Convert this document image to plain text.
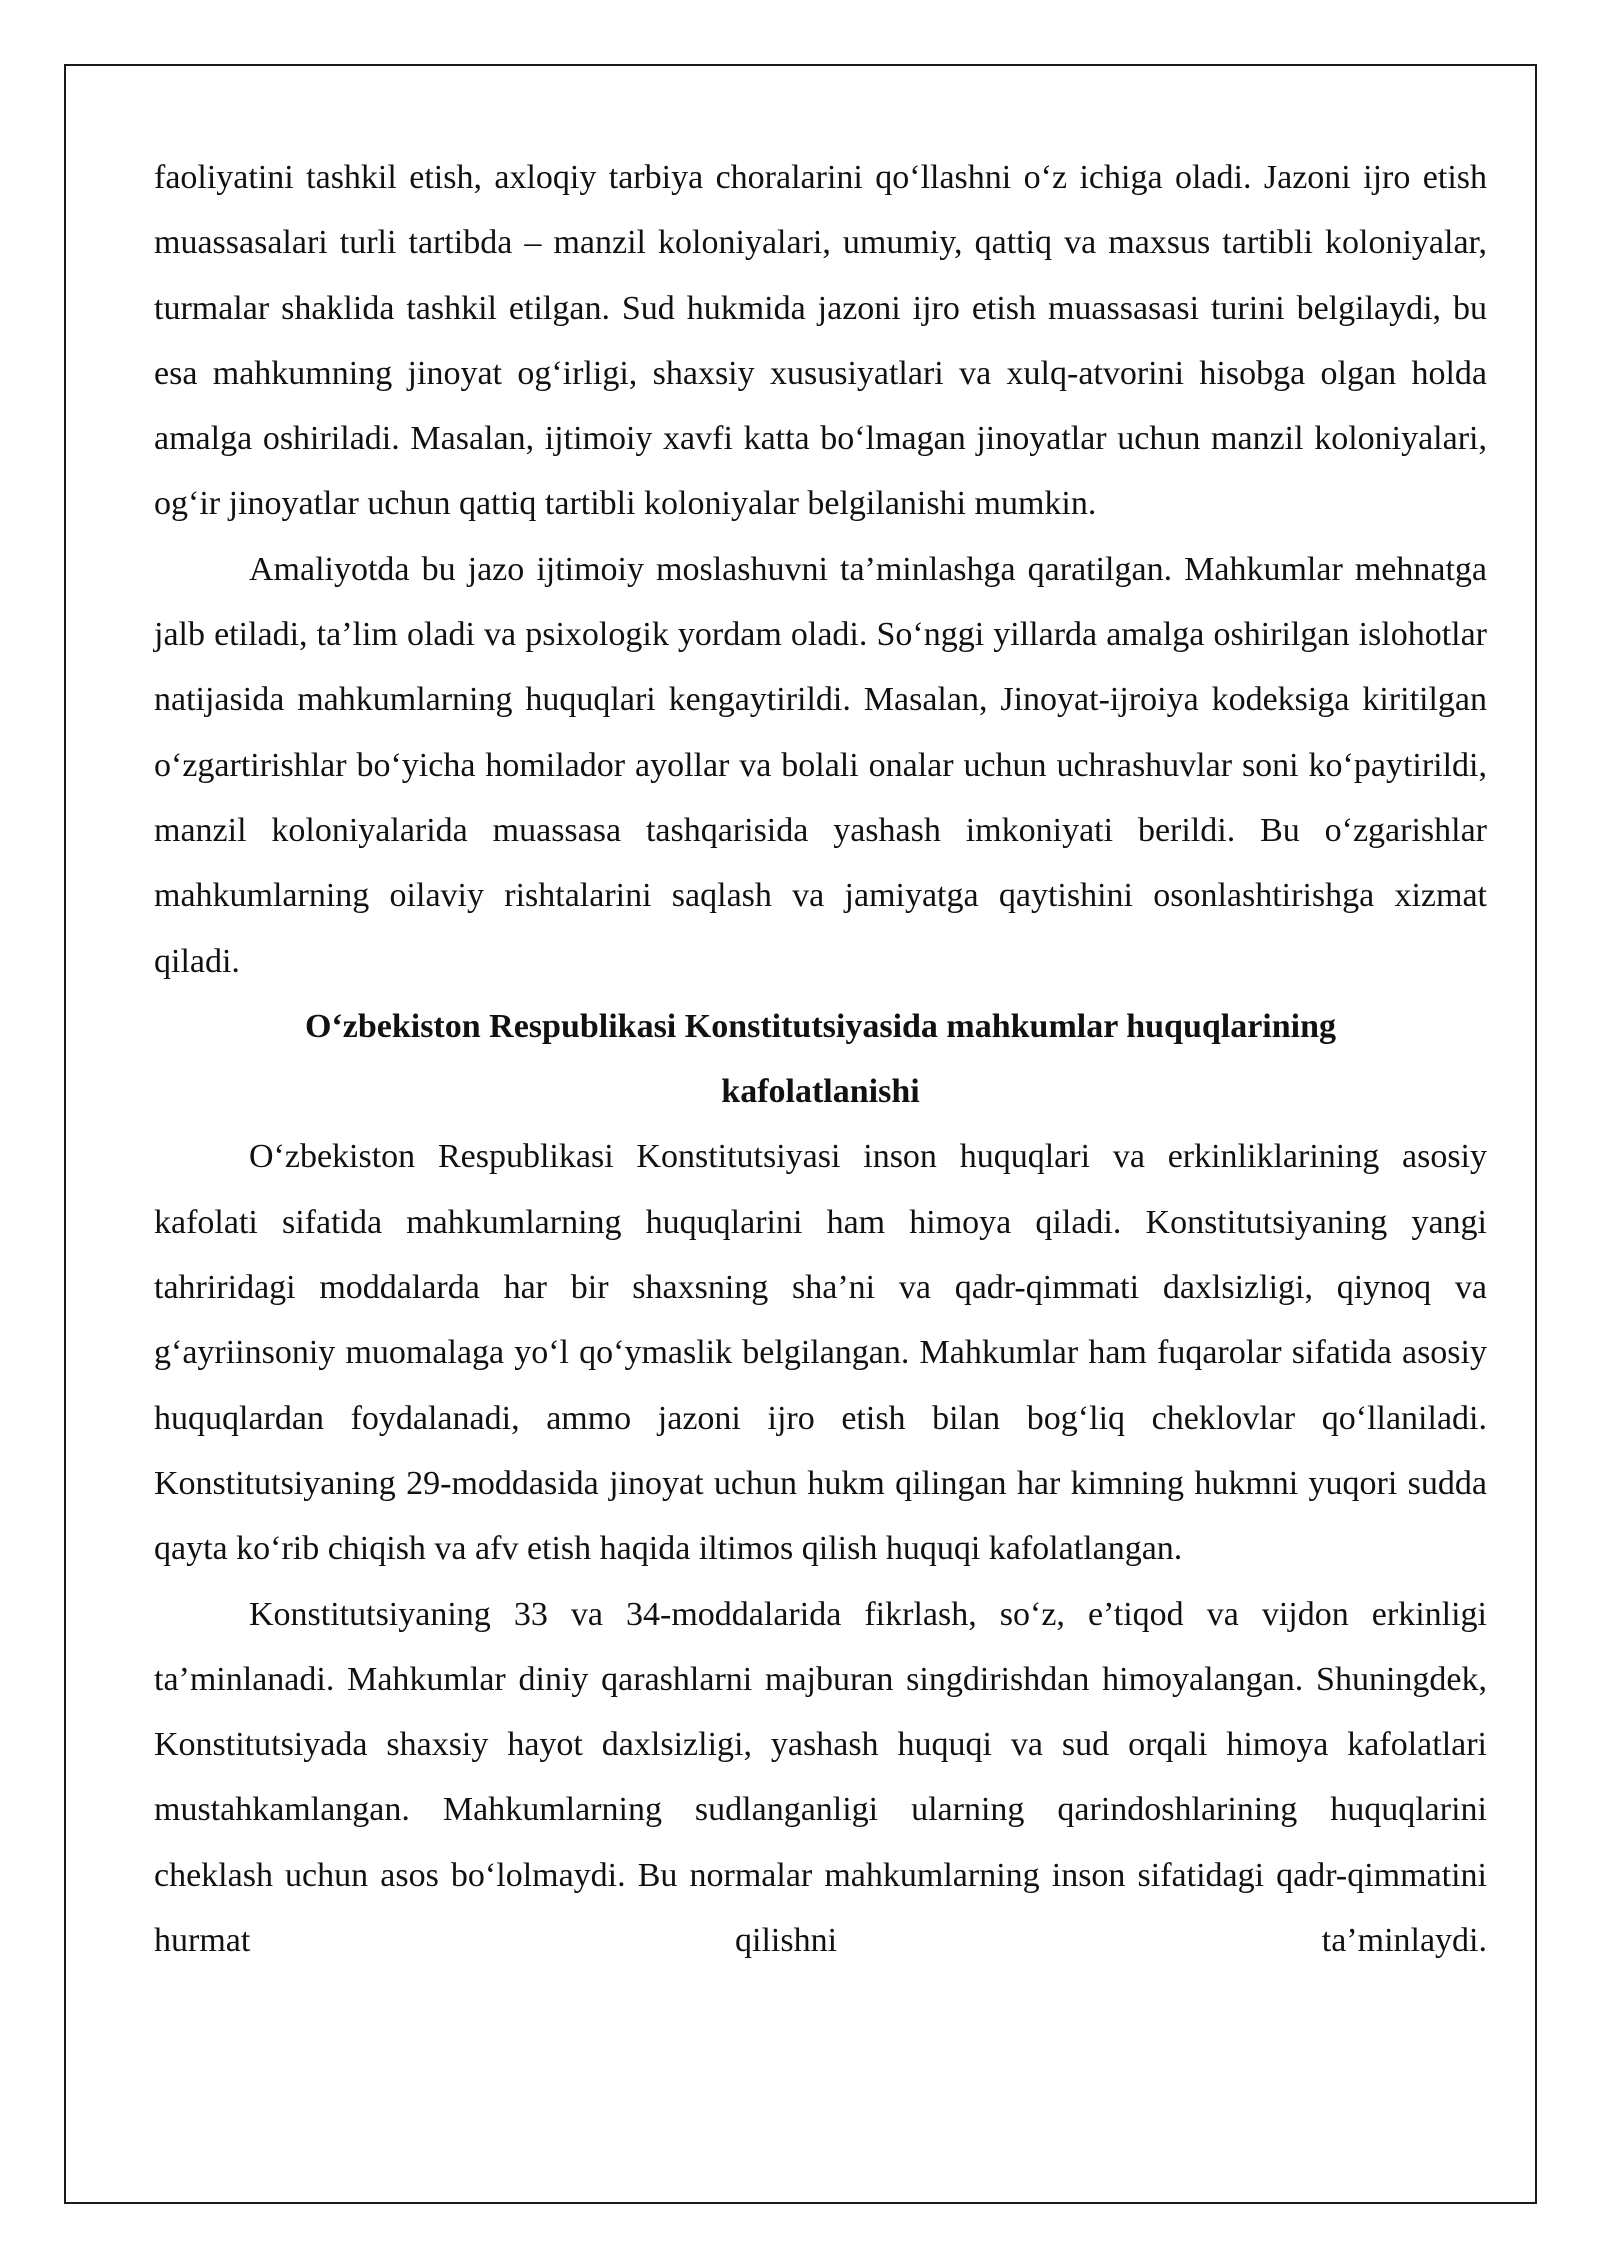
faoliyatini tashkil etish, axloqiy tarbiya choralarini qo‘llashni o‘z ichiga oladi. Jazoni ijro etish muassasalari turli tartibda – manzil koloniyalari, umumiy, qattiq va maxsus tartibli koloniyalar, turmalar shaklida tashkil etilgan. Sud hukmida jazoni ijro etish muassasasi turini belgilaydi, bu esa mahkumning jinoyat og‘irligi, shaxsiy xususiyatlari va xulq-atvorini hisobga olgan holda amalga oshiriladi. Masalan, ijtimoiy xavfi katta bo‘lmagan jinoyatlar uchun manzil koloniyalari, og‘ir jinoyatlar uchun qattiq tartibli koloniyalar belgilanishi mumkin.

Amaliyotda bu jazo ijtimoiy moslashuvni ta’minlashga qaratilgan. Mahkumlar mehnatga jalb etiladi, ta’lim oladi va psixologik yordam oladi. So‘nggi yillarda amalga oshirilgan islohotlar natijasida mahkumlarning huquqlari kengaytirildi. Masalan, Jinoyat-ijroiya kodeksiga kiritilgan o‘zgartirishlar bo‘yicha homilador ayollar va bolali onalar uchun uchrashuvlar soni ko‘paytirildi, manzil koloniyalarida muassasa tashqarisida yashash imkoniyati berildi. Bu o‘zgarishlar mahkumlarning oilaviy rishtalarini saqlash va jamiyatga qaytishini osonlashtirishga xizmat qiladi.

O‘zbekiston Respublikasi Konstitutsiyasida mahkumlar huquqlarining kafolatlanishi

O‘zbekiston Respublikasi Konstitutsiyasi inson huquqlari va erkinliklarining asosiy kafolati sifatida mahkumlarning huquqlarini ham himoya qiladi. Konstitutsiyaning yangi tahriridagi moddalarda har bir shaxsning sha’ni va qadr-qimmati daxlsizligi, qiynoq va g‘ayriinsoniy muomalaga yo‘l qo‘ymaslik belgilangan. Mahkumlar ham fuqarolar sifatida asosiy huquqlardan foydalanadi, ammo jazoni ijro etish bilan bog‘liq cheklovlar qo‘llaniladi. Konstitutsiyaning 29-moddasida jinoyat uchun hukm qilingan har kimning hukmni yuqori sudda qayta ko‘rib chiqish va afv etish haqida iltimos qilish huquqi kafolatlangan.

Konstitutsiyaning 33 va 34-moddalarida fikrlash, so‘z, e’tiqod va vijdon erkinligi ta’minlanadi. Mahkumlar diniy qarashlarni majburan singdirishdan himoyalangan. Shuningdek, Konstitutsiyada shaxsiy hayot daxlsizligi, yashash huquqi va sud orqali himoya kafolatlari mustahkamlangan. Mahkumlarning sudlanganligi ularning qarindoshlarining huquqlarini cheklash uchun asos bo‘lolmaydi. Bu normalar mahkumlarning inson sifatidagi qadr-qimmatini hurmat qilishni ta’minlaydi.
